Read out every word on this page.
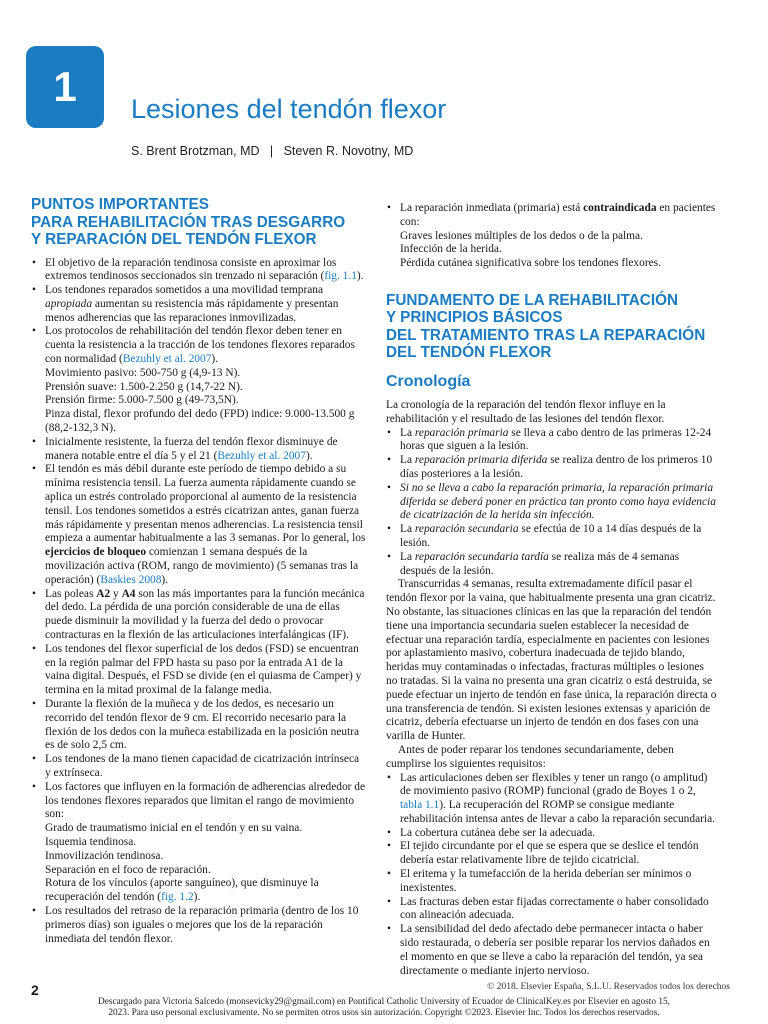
1	Lesiones del tendón flexor
S. Brent Brotzman, MD   |   Steven R. Novotny, MD
PUNTOS IMPORTANTES
PARA REHABILITACIÓN TRAS DESGARRO
Y REPARACIÓN DEL TENDÓN FLEXOR
• El objetivo de la reparación tendinosa consiste en aproximar los extremos tendinosos seccionados sin trenzado ni separación (fig. 1.1).
• Los tendones reparados sometidos a una movilidad temprana apropiada aumentan su resistencia más rápidamente y presentan menos adherencias que las reparaciones inmovilizadas.
• Los protocolos de rehabilitación del tendón flexor deben tener en cuenta la resistencia a la tracción de los tendones flexores reparados con normalidad (Bezuhly et al. 2007).
Movimiento pasivo: 500-750 g (4,9-13 N).
Prensión suave: 1.500-2.250 g (14,7-22 N).
Prensión firme: 5.000-7.500 g (49-73,5N).
Pinza distal, flexor profundo del dedo (FPD) indice: 9.000-13.500 g (88,2-132,3 N).
• Inicialmente resistente, la fuerza del tendón flexor disminuye de manera notable entre el día 5 y el 21 (Bezuhly et al. 2007).
• El tendón es más débil durante este período de tiempo debido a su mínima resistencia tensil. La fuerza aumenta rápidamente cuando se aplica un estrés controlado proporcional al aumento de la resistencia tensil. Los tendones sometidos a estrés cicatrizan antes, ganan fuerza más rápidamente y presentan menos adherencias. La resistencia tensil empieza a aumentar habitualmente a las 3 semanas. Por lo general, los ejercicios de bloqueo comienzan 1 semana después de la movilización activa (ROM, rango de movimiento) (5 semanas tras la operación) (Baskies 2008).
• Las poleas A2 y A4 son las más importantes para la función mecánica del dedo. La pérdida de una porción considerable de una de ellas puede disminuir la movilidad y la fuerza del dedo o provocar contracturas en la flexión de las articulaciones interfalángicas (IF).
• Los tendones del flexor superficial de los dedos (FSD) se encuentran en la región palmar del FPD hasta su paso por la entrada A1 de la vaina digital. Después, el FSD se divide (en el quiasma de Camper) y termina en la mitad proximal de la falange media.
• Durante la flexión de la muñeca y de los dedos, es necesario un recorrido del tendón flexor de 9 cm. El recorrido necesario para la flexión de los dedos con la muñeca estabilizada en la posición neutra es de solo 2,5 cm.
• Los tendones de la mano tienen capacidad de cicatrización intrínseca y extrínseca.
• Los factores que influyen en la formación de adherencias alrededor de los tendones flexores reparados que limitan el rango de movimiento son:
Grado de traumatismo inicial en el tendón y en su vaina.
Isquemia tendinosa.
Inmovilización tendinosa.
Separación en el foco de reparación.
Rotura de los vínculos (aporte sanguíneo), que disminuye la recuperación del tendón (fig. 1.2).
• Los resultados del retraso de la reparación primaria (dentro de los 10 primeros días) son iguales o mejores que los de la reparación inmediata del tendón flexor.
• La reparación inmediata (primaria) está contraindicada en pacientes con:
Graves lesiones múltiples de los dedos o de la palma.
Infección de la herida.
Pérdida cutánea significativa sobre los tendones flexores.
FUNDAMENTO DE LA REHABILITACIÓN
Y PRINCIPIOS BÁSICOS
DEL TRATAMIENTO TRAS LA REPARACIÓN
DEL TENDÓN FLEXOR
Cronología
La cronología de la reparación del tendón flexor influye en la rehabilitación y el resultado de las lesiones del tendón flexor.
• La reparación primaria se lleva a cabo dentro de las primeras 12-24 horas que siguen a la lesión.
• La reparación primaria diferida se realiza dentro de los primeros 10 días posteriores a la lesión.
• Si no se lleva a cabo la reparación primaria, la reparación primaria diferida se deberá poner en práctica tan pronto como haya evidencia de cicatrización de la herida sin infección.
• La reparación secundaria se efectúa de 10 a 14 días después de la lesión.
• La reparación secundaria tardía se realiza más de 4 semanas después de la lesión.
Transcurridas 4 semanas, resulta extremadamente difícil pasar el tendón flexor por la vaina, que habitualmente presenta una gran cicatriz. No obstante, las situaciones clínicas en las que la reparación del tendón tiene una importancia secundaria suelen establecer la necesidad de efectuar una reparación tardía, especialmente en pacientes con lesiones por aplastamiento masivo, cobertura inadecuada de tejido blando, heridas muy contaminadas o infectadas, fracturas múltiples o lesiones no tratadas. Si la vaina no presenta una gran cicatriz o está destruida, se puede efectuar un injerto de tendón en fase única, la reparación directa o una transferencia de tendón. Si existen lesiones extensas y aparición de cicatriz, debería efectuarse un injerto de tendón en dos fases con una varilla de Hunter.
Antes de poder reparar los tendones secundariamente, deben cumplirse los siguientes requisitos:
• Las articulaciones deben ser flexibles y tener un rango (o amplitud) de movimiento pasivo (ROMP) funcional (grado de Boyes 1 o 2, tabla 1.1). La recuperación del ROMP se consigue mediante rehabilitación intensa antes de llevar a cabo la reparación secundaria.
• La cobertura cutánea debe ser la adecuada.
• El tejido circundante por el que se espera que se deslice el tendón debería estar relativamente libre de tejido cicatricial.
• El eritema y la tumefacción de la herida deberían ser mínimos o inexistentes.
• Las fracturas deben estar fijadas correctamente o haber consolidado con alineación adecuada.
• La sensibilidad del dedo afectado debe permanecer intacta o haber sido restaurada, o debería ser posible reparar los nervios dañados en el momento en que se lleve a cabo la reparación del tendón, ya sea directamente o mediante injerto nervioso.
2	© 2018. Elsevier España, S.L.U. Reservados todos los derechos
Descargado para Victoria Salcedo (monsevicky29@gmail.com) en Pontifical Catholic University of Ecuador de ClinicalKey.es por Elsevier en agosto 15,
2023. Para uso personal exclusivamente. No se permiten otros usos sin autorización. Copyright ©2023. Elsevier Inc. Todos los derechos reservados.
